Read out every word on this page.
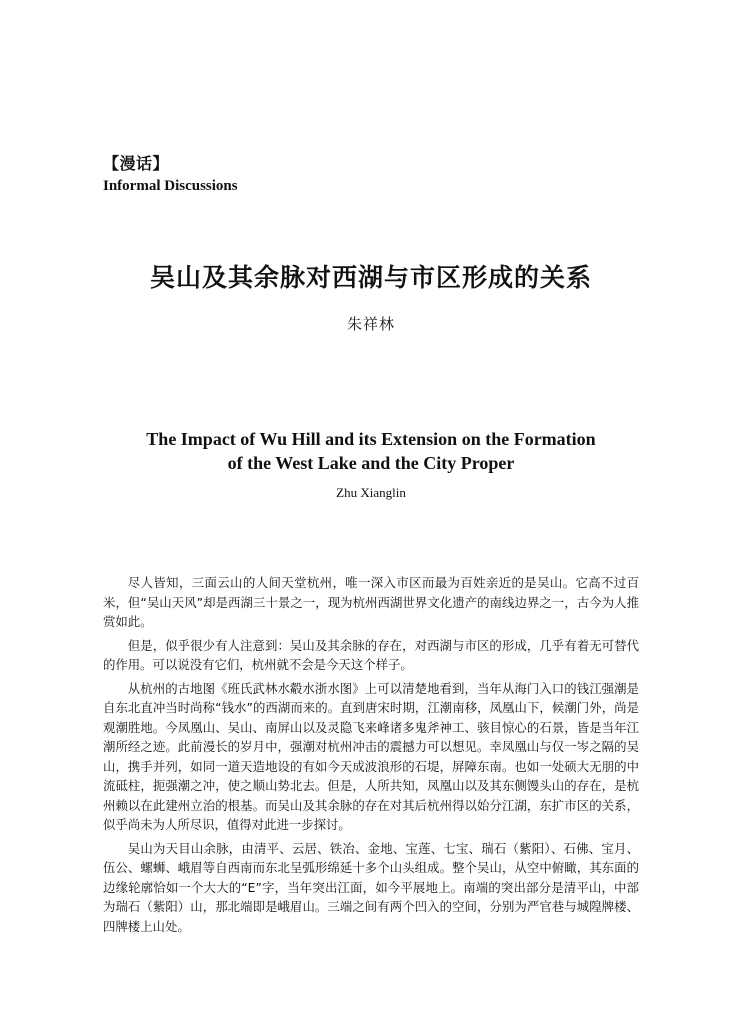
【漫话】
Informal Discussions
吴山及其余脉对西湖与市区形成的关系
朱祥林
The Impact of Wu Hill and its Extension on the Formation
of the West Lake and the City Proper
Zhu Xianglin

尽人皆知，三面云山的人间天堂杭州，唯一深入市区而最为百姓亲近的是吴山。它高不过百米，但“吴山天风”却是西湖三十景之一，现为杭州西湖世界文化遗产的南线边界之一，古今为人推赏如此。

但是，似乎很少有人注意到：吴山及其余脉的存在，对西湖与市区的形成，几乎有着无可替代的作用。可以说没有它们，杭州就不会是今天这个样子。

从杭州的古地图《班氏武林水觳水浙水图》上可以清楚地看到，当年从海门入口的钱江强潮是自东北直冲当时尚称“钱水”的西湖而来的。直到唐宋时期，江潮南移，凤凰山下，候潮门外，尚是观潮胜地。今凤凰山、吴山、南屏山以及灵隐飞来峰诸多鬼斧神工、骇目惊心的石景，皆是当年江潮所经之迹。此前漫长的岁月中，强潮对杭州冲击的震撼力可以想见。幸凤凰山与仅一岑之隔的吴山，携手并列，如同一道天造地设的有如今天成波浪形的石堤，屏障东南。也如一处硕大无朋的中流砥柱，扼强潮之冲，使之顺山势北去。但是，人所共知，凤凰山以及其东侧馒头山的存在，是杭州赖以在此建州立治的根基。而吴山及其余脉的存在对其后杭州得以始分江湖，东扩市区的关系，似乎尚未为人所尽识，值得对此进一步探讨。

吴山为天目山余脉，由清平、云居、铁冶、金地、宝莲、七宝、瑞石（紫阳）、石佛、宝月、伍公、螺蛳、峨眉等自西南而东北呈弧形绵延十多个山头组成。整个吴山，从空中俯瞰，其东面的边缘轮廓恰如一个大大的“E”字，当年突出江面，如今平展地上。南端的突出部分是清平山，中部为瑞石（紫阳）山，那北端即是峨眉山。三端之间有两个凹入的空间，分别为严官巷与城隍牌楼、四牌楼上山处。
